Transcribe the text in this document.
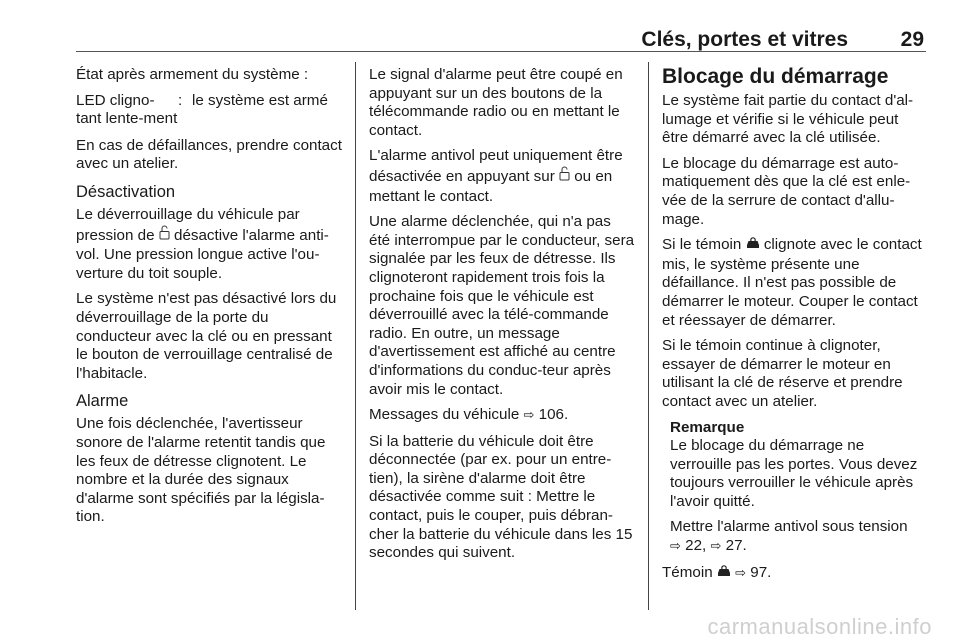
Clés, portes et vitres	29

État après armement du système :

LED cligno-tant lente-ment
: le système est armé

En cas de défaillances, prendre contact avec un atelier.

Désactivation

Le déverrouillage du véhicule par pression de désactive l'alarme anti-vol. Une pression longue active l'ou-verture du toit souple.

Le système n'est pas désactivé lors du déverrouillage de la porte du conducteur avec la clé ou en pressant le bouton de verrouillage centralisé de l'habitacle.

Alarme

Une fois déclenchée, l'avertisseur sonore de l'alarme retentit tandis que les feux de détresse clignotent. Le nombre et la durée des signaux d'alarme sont spécifiés par la législa-tion.

Le signal d'alarme peut être coupé en appuyant sur un des boutons de la télécommande radio ou en mettant le contact.

L'alarme antivol peut uniquement être désactivée en appuyant sur ou en mettant le contact.

Une alarme déclenchée, qui n'a pas été interrompue par le conducteur, sera signalée par les feux de détresse. Ils clignoteront rapidement trois fois la prochaine fois que le véhicule est déverrouillé avec la télé-commande radio. En outre, un message d'avertissement est affiché au centre d'informations du conduc-teur après avoir mis le contact.

Messages du véhicule ⇨ 106.

Si la batterie du véhicule doit être déconnectée (par ex. pour un entre-tien), la sirène d'alarme doit être désactivée comme suit : Mettre le contact, puis le couper, puis débran-cher la batterie du véhicule dans les 15 secondes qui suivent.

Blocage du démarrage

Le système fait partie du contact d'al-lumage et vérifie si le véhicule peut être démarré avec la clé utilisée.

Le blocage du démarrage est auto-matiquement dès que la clé est enle-vée de la serrure de contact d'allu-mage.

Si le témoin clignote avec le contact mis, le système présente une défaillance. Il n'est pas possible de démarrer le moteur. Couper le contact et réessayer de démarrer.

Si le témoin continue à clignoter, essayer de démarrer le moteur en utilisant la clé de réserve et prendre contact avec un atelier.

Remarque

Le blocage du démarrage ne verrouille pas les portes. Vous devez toujours verrouiller le véhicule après l'avoir quitté.

Mettre l'alarme antivol sous tension
⇨ 22, ⇨ 27.

Témoin ⇨ 97.

carmanualsonline.info
